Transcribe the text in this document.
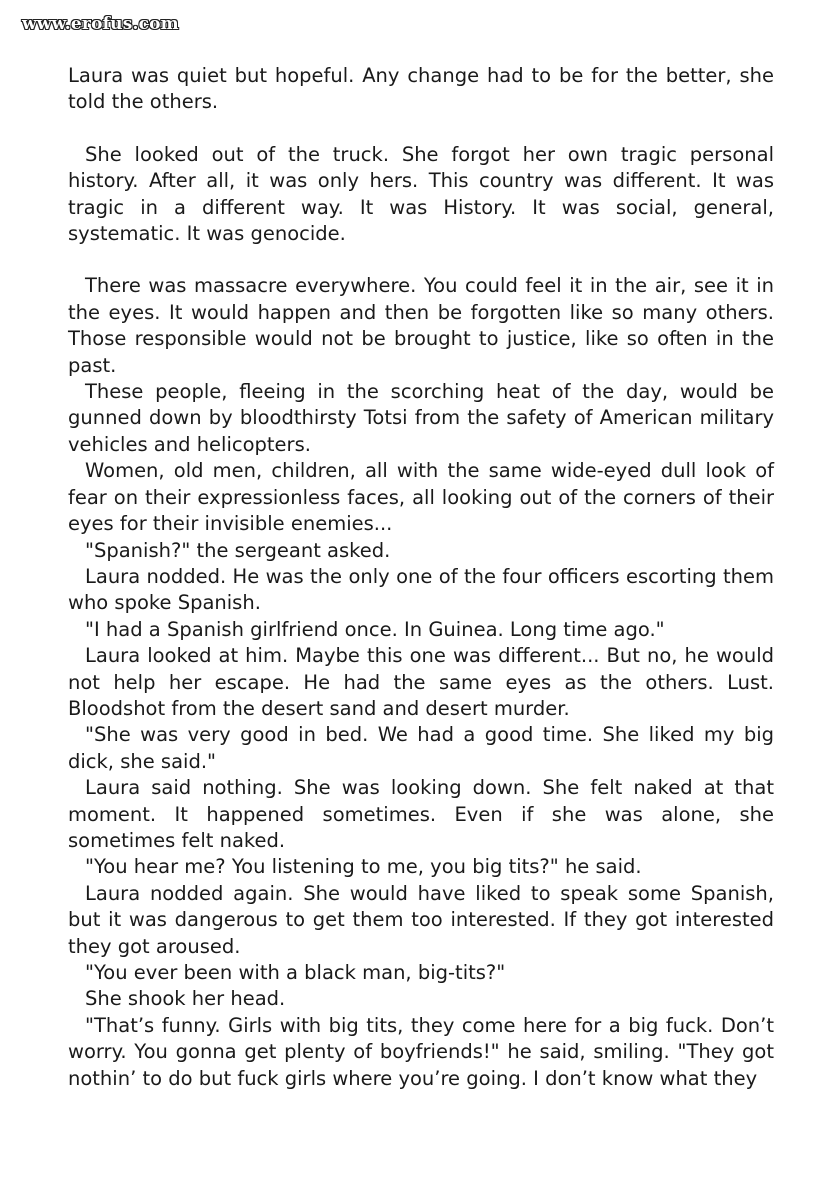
www.erofus.com

Laura was quiet but hopeful. Any change had to be for the better, she told the others.

She looked out of the truck. She forgot her own tragic personal history. After all, it was only hers. This country was different. It was tragic in a different way. It was History. It was social, general, systematic. It was genocide.

There was massacre everywhere. You could feel it in the air, see it in the eyes. It would happen and then be forgotten like so many others. Those responsible would not be brought to justice, like so often in the past.

These people, fleeing in the scorching heat of the day, would be gunned down by bloodthirsty Totsi from the safety of American military vehicles and helicopters.

Women, old men, children, all with the same wide-eyed dull look of fear on their expressionless faces, all looking out of the corners of their eyes for their invisible enemies...

"Spanish?" the sergeant asked.

Laura nodded. He was the only one of the four officers escorting them who spoke Spanish.

"I had a Spanish girlfriend once. In Guinea. Long time ago."

Laura looked at him. Maybe this one was different... But no, he would not help her escape. He had the same eyes as the others. Lust. Bloodshot from the desert sand and desert murder.

"She was very good in bed. We had a good time. She liked my big dick, she said."

Laura said nothing. She was looking down. She felt naked at that moment. It happened sometimes. Even if she was alone, she sometimes felt naked.

"You hear me? You listening to me, you big tits?" he said.

Laura nodded again. She would have liked to speak some Spanish, but it was dangerous to get them too interested. If they got interested they got aroused.

"You ever been with a black man, big-tits?"

She shook her head.

"That’s funny. Girls with big tits, they come here for a big fuck. Don’t worry. You gonna get plenty of boyfriends!" he said, smiling. "They got nothin’ to do but fuck girls where you’re going. I don’t know what they
